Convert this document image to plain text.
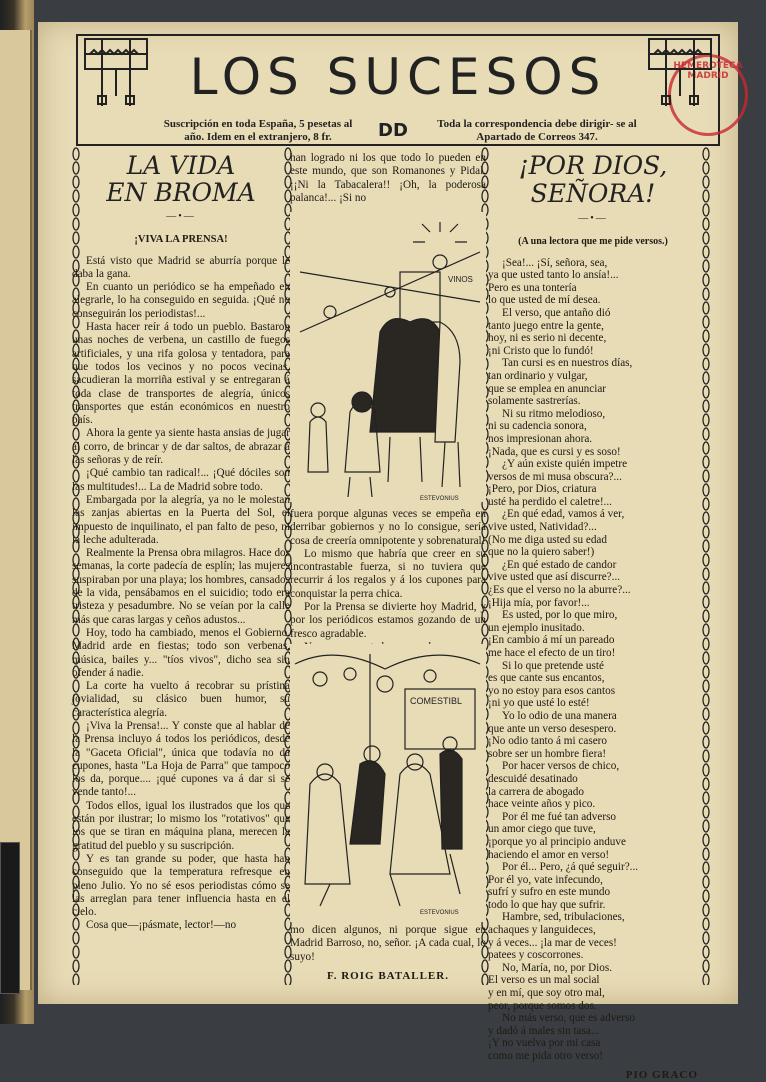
LOS SUCESOS
Suscripción en toda España, 5 pesetas al año. Idem en el extranjero, 8 fr.	DD	Toda la correspondencia debe dirigir- se al Apartado de Correos 347.
HEMEROTECA MADRID
LA VIDA
EN BROMA
—•—
¡VIVA LA PRENSA!

Está visto que Madrid se aburría porque le daba la gana.

En cuanto un periódico se ha empeñado en alegrarle, lo ha conseguido en seguida. ¡Qué no conseguirán los periodistas!...

Hasta hacer reír á todo un pueblo. Bastaron unas noches de verbena, un castillo de fuegos artificiales, y una rifa golosa y tentadora, para que todos los vecinos y no pocos vecinas, sacudieran la morriña estival y se entregaran á toda clase de transportes de alegría, únicos transportes que están económicos en nuestro país.

Ahora la gente ya siente hasta ansias de jugar al corro, de brincar y de dar saltos, de abrazar á las señoras y de reír.

¡Qué cambio tan radical!... ¡Qué dóciles son las multitudes!... La de Madrid sobre todo.

Embargada por la alegría, ya no le molestan las zanjas abiertas en la Puerta del Sol, el impuesto de inquilinato, el pan falto de peso, ni la leche adulterada.

Realmente la Prensa obra milagros. Hace dos semanas, la corte padecía de esplín; las mujeres suspiraban por una playa; los hombres, cansados de la vida, pensábamos en el suicidio; todo era tristeza y pesadumbre. No se veían por la calle más que caras largas y ceños adustos...

Hoy, todo ha cambiado, menos el Gobierno. Madrid arde en fiestas; todo son verbenas, música, bailes y... "tíos vivos", dicho sea sin ofender á nadie.

La corte ha vuelto á recobrar su prístina jovialidad, su clásico buen humor, su característica alegría.

¡Viva la Prensa!... Y conste que al hablar de la Prensa incluyo á todos los periódicos, desde la "Gaceta Oficial", única que todavía no da cupones, hasta "La Hoja de Parra" que tampoco los da, porque.... ¡qué cupones va á dar si se vende tanto!...

Todos ellos, igual los ilustrados que los que están por ilustrar; lo mismo los "rotativos" que los que se tiran en máquina plana, merecen la gratitud del pueblo y su suscripción.

Y es tan grande su poder, que hasta han conseguido que la temperatura refresque en pleno Julio. Yo no sé esos periodistas cómo se las arreglan para tener influencia hasta en el cielo.

Cosa que—¡pásmate, lector!—no

han logrado ni los que todo lo pueden en este mundo, que son Romanones y Pidal. ¡¡Ni la Tabacalera!! ¡Oh, la poderosa palanca!... ¡Si no

VINOS
ESTEVONIUS

fuera porque algunas veces se empeña en derribar gobiernos y no lo consigue, sería cosa de creería omnipotente y sobrenatural!

Lo mismo que habría que creer en su incontrastable fuerza, si no tuviera que recurrir á los regalos y á los cupones para conquistar la perra chica.

Por la Prensa se divierte hoy Madrid, y por los periódicos estamos gozando de un fresco agradable.

COMESTIBL
ESTEVONIUS

mo dicen algunos, ni porque sigue en Madrid Barroso, no, señor. ¡A cada cual, lo suyo!

F. ROIG BATALLER.
¡POR DIOS,
SEÑORA!
—•—
(A una lectora que me pide versos.)

¡Sea!... ¡Sí, señora, sea,

ya que usted tanto lo ansía!...

Pero es una tontería

lo que usted de mí desea.

El verso, que antaño dió

tanto juego entre la gente,

hoy, ni es serio ni decente,

¡ni Cristo que lo fundó!

Tan cursi es en nuestros días,

tan ordinario y vulgar,

que se emplea en anunciar

solamente sastrerías.

Ni su ritmo melodioso,

ni su cadencia sonora,

nos impresionan ahora.

¡Nada, que es cursi y es soso!

¿Y aún existe quién impetre

versos de mi musa obscura?...

¡Pero, por Dios, criatura

usté ha perdido el caletre!...

¿En qué edad, vamos á ver,

vive usted, Natividad?...

(No me diga usted su edad

que no la quiero saber!)

¿En qué estado de candor

vive usted que así discurre?...

¿Es que el verso no la aburre?...

¡Hija mía, por favor!...

Es usted, por lo que miro,

un ejemplo inusitado.

¡En cambio á mí un pareado

me hace el efecto de un tiro!

Si lo que pretende usté

es que cante sus encantos,

yo no estoy para esos cantos

¡ni yo que usté lo esté!

Yo lo odio de una manera

que ante un verso desespero.

¡No odio tanto á mi casero

sobre ser un hombre fiera!

Por hacer versos de chico,

descuidé desatinado

la carrera de abogado

hace veinte años y pico.

Por él me fué tan adverso

un amor ciego que tuve,

¡porque yo al principio anduve

haciendo el amor en verso!

Por él... Pero, ¿á qué seguir?...

Por él yo, vate infecundo,

sufrí y sufro en este mundo

todo lo que hay que sufrir.

Hambre, sed, tribulaciones,

achaques y languideces,

y á veces... ¡la mar de veces!

patees y coscorrones.

No, María, no, por Dios.

El verso es un mal social

y en mí, que soy otro mal,

peor, porque somos dos.

No más verso, que es adverso

y dadó á males sin tasa...

¡Y no vuelva por mi casa

como me pida otro verso!

PIO GRACO
